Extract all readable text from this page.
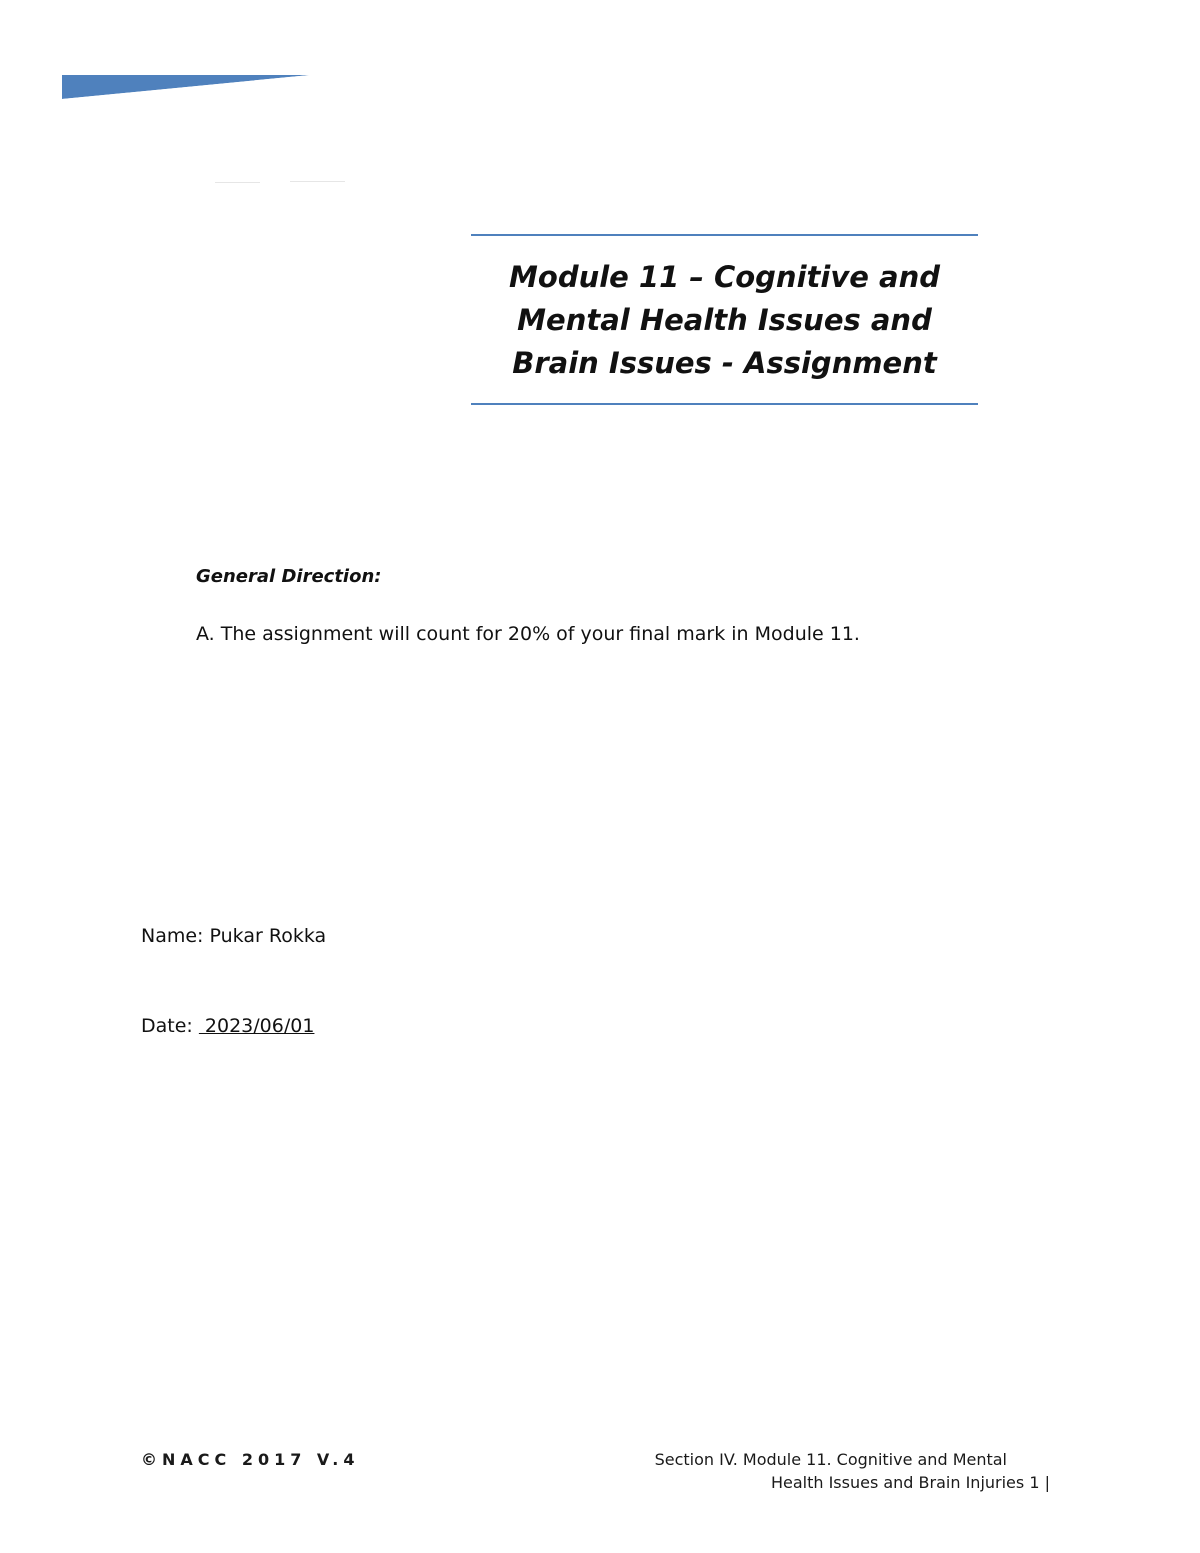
Module 11 – Cognitive and
Mental Health Issues and
Brain Issues - Assignment
General Direction:
A. The assignment will count for 20% of your final mark in Module 11.
Name: Pukar Rokka
Date:  2023/06/01
©NACC 2017 V.4	Section IV. Module 11. Cognitive and Mental
Health Issues and Brain Injuries 1 |
